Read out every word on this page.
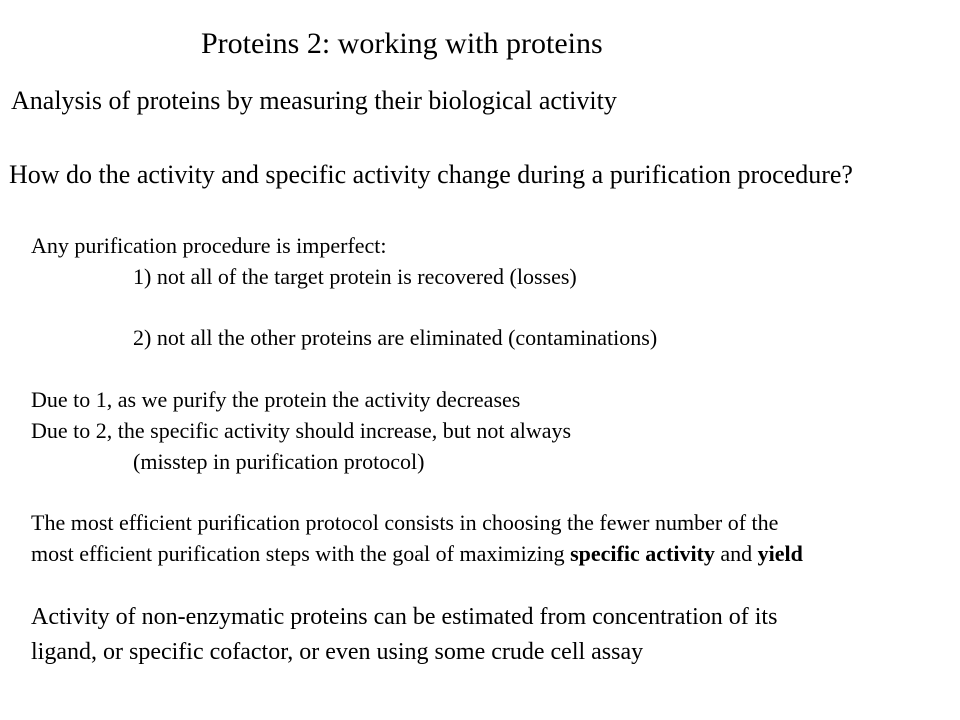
Proteins 2: working with proteins
Analysis of proteins by measuring their biological activity
How do the activity and specific activity change during a purification procedure?
Any purification procedure is imperfect:
1) not all of the target protein is recovered (losses)
2) not all the other proteins are eliminated (contaminations)
Due to 1, as we purify the protein the activity decreases
Due to 2, the specific activity should increase, but not always
(misstep in purification protocol)
The most efficient purification protocol consists in choosing the fewer number of the
most efficient purification steps with the goal of maximizing specific activity and yield
Activity of non-enzymatic proteins can be estimated from concentration of its
ligand, or specific cofactor, or even using some crude cell assay
